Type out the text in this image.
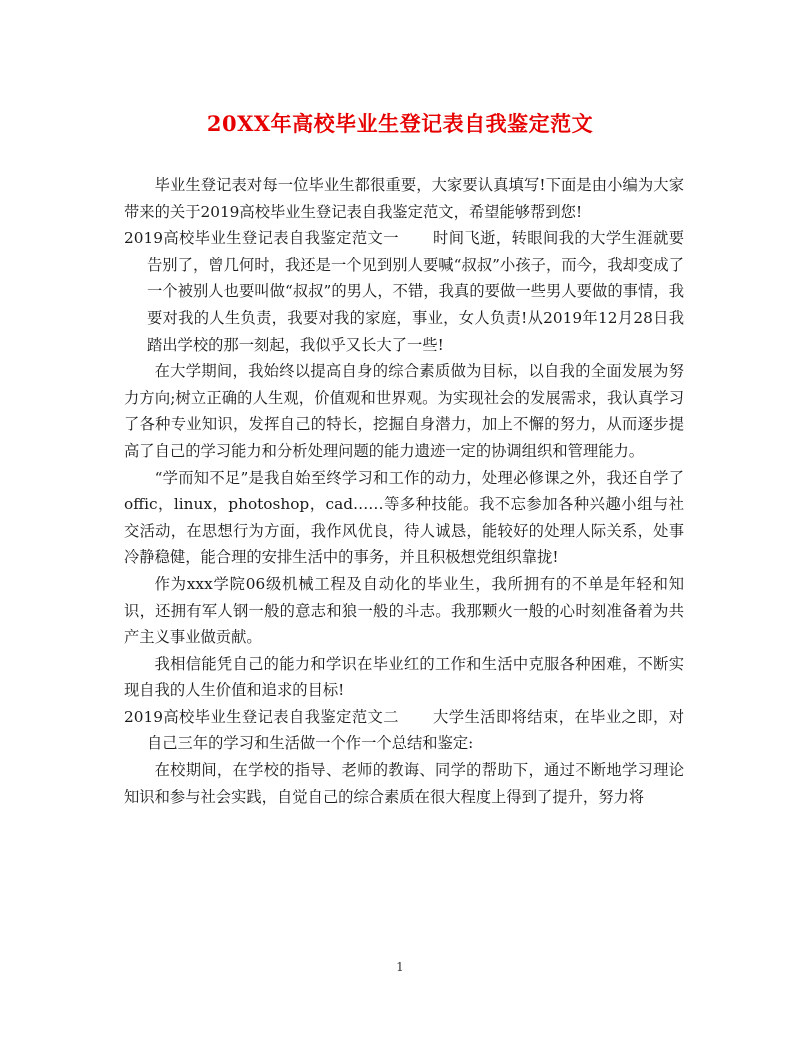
20XX年高校毕业生登记表自我鉴定范文

毕业生登记表对每一位毕业生都很重要，大家要认真填写!下面是由小编为大家带来的关于2019高校毕业生登记表自我鉴定范文，希望能够帮到您!

2019高校毕业生登记表自我鉴定范文一 时间飞逝，转眼间我的大学生涯就要告别了，曾几何时，我还是一个见到别人要喊“叔叔”小孩子，而今，我却变成了一个被别人也要叫做“叔叔”的男人，不错，我真的要做一些男人要做的事情，我要对我的人生负责，我要对我的家庭，事业，女人负责!从2019年12月28日我踏出学校的那一刻起，我似乎又长大了一些!

在大学期间，我始终以提高自身的综合素质做为目标，以自我的全面发展为努力方向;树立正确的人生观，价值观和世界观。为实现社会的发展需求，我认真学习了各种专业知识，发挥自己的特长，挖掘自身潜力，加上不懈的努力，从而逐步提高了自己的学习能力和分析处理问题的能力遗迹一定的协调组织和管理能力。

“学而知不足”是我自始至终学习和工作的动力，处理必修课之外，我还自学了offic，linux，photoshop，cad……等多种技能。我不忘参加各种兴趣小组与社交活动，在思想行为方面，我作风优良，待人诚恳，能较好的处理人际关系，处事冷静稳健，能合理的安排生活中的事务，并且积极想党组织靠拢!

作为xxx学院06级机械工程及自动化的毕业生，我所拥有的不单是年轻和知识，还拥有军人钢一般的意志和狼一般的斗志。我那颗火一般的心时刻准备着为共产主义事业做贡献。

我相信能凭自己的能力和学识在毕业红的工作和生活中克服各种困难，不断实现自我的人生价值和追求的目标!

2019高校毕业生登记表自我鉴定范文二 大学生活即将结束，在毕业之即，对自己三年的学习和生活做一个作一个总结和鉴定:

在校期间，在学校的指导、老师的教诲、同学的帮助下，通过不断地学习理论知识和参与社会实践，自觉自己的综合素质在很大程度上得到了提升，努力将

1
